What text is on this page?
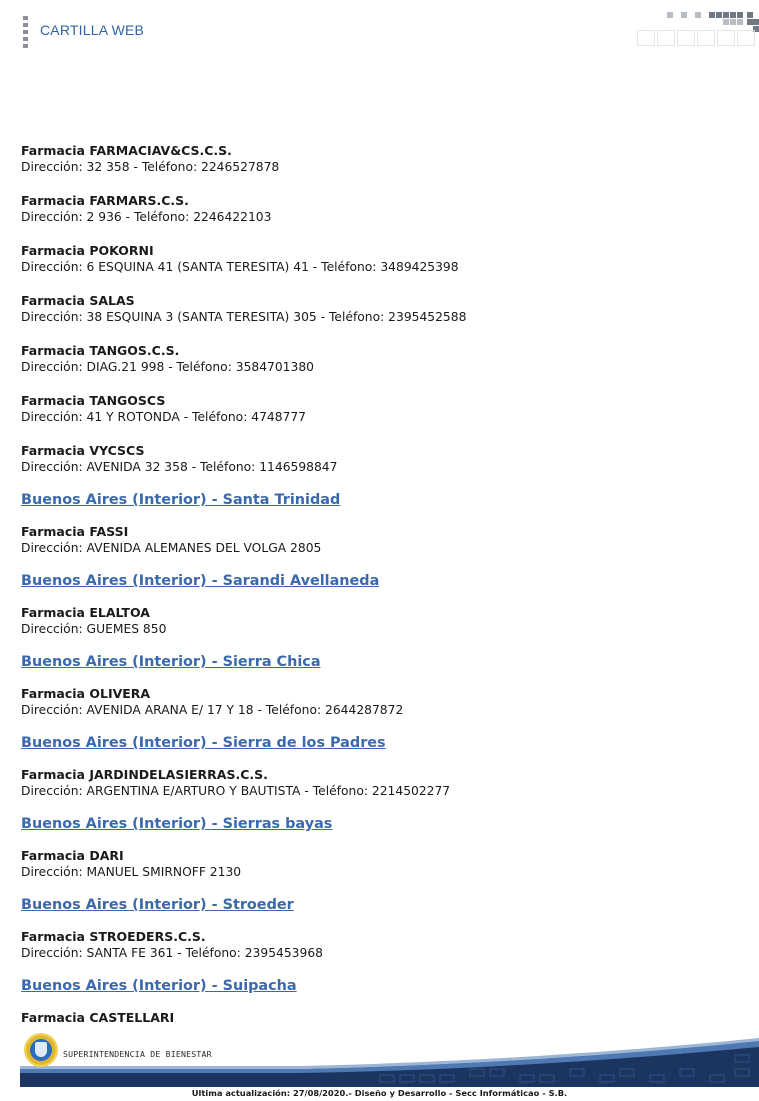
CARTILLA WEB
Farmacia FARMACIAV&CS.C.S.
Dirección: 32 358 - Teléfono: 2246527878
Farmacia FARMARS.C.S.
Dirección: 2 936 - Teléfono: 2246422103
Farmacia POKORNI
Dirección: 6 ESQUINA 41 (SANTA TERESITA) 41 - Teléfono: 3489425398
Farmacia SALAS
Dirección: 38 ESQUINA 3 (SANTA TERESITA) 305 - Teléfono: 2395452588
Farmacia TANGOS.C.S.
Dirección: DIAG.21 998 - Teléfono: 3584701380
Farmacia TANGOSCS
Dirección: 41 Y ROTONDA - Teléfono: 4748777
Farmacia VYCSCS
Dirección: AVENIDA 32 358 - Teléfono: 1146598847
Buenos Aires (Interior) - Santa Trinidad
Farmacia FASSI
Dirección: AVENIDA ALEMANES DEL VOLGA 2805
Buenos Aires (Interior) - Sarandi Avellaneda
Farmacia ELALTOA
Dirección: GUEMES 850
Buenos Aires (Interior) - Sierra Chica
Farmacia OLIVERA
Dirección: AVENIDA ARANA E/ 17 Y 18 - Teléfono: 2644287872
Buenos Aires (Interior) - Sierra de los Padres
Farmacia JARDINDELASIERRAS.C.S.
Dirección: ARGENTINA E/ARTURO Y BAUTISTA - Teléfono: 2214502277
Buenos Aires (Interior) - Sierras bayas
Farmacia DARI
Dirección: MANUEL SMIRNOFF 2130
Buenos Aires (Interior) - Stroeder
Farmacia STROEDERS.C.S.
Dirección: SANTA FE 361 - Teléfono: 2395453968
Buenos Aires (Interior) - Suipacha
Farmacia CASTELLARI
SUPERINTENDENCIA DE BIENESTAR
Ultima actualización: 27/08/2020.- Diseño y Desarrollo - Secc Informáticao - S.B.
